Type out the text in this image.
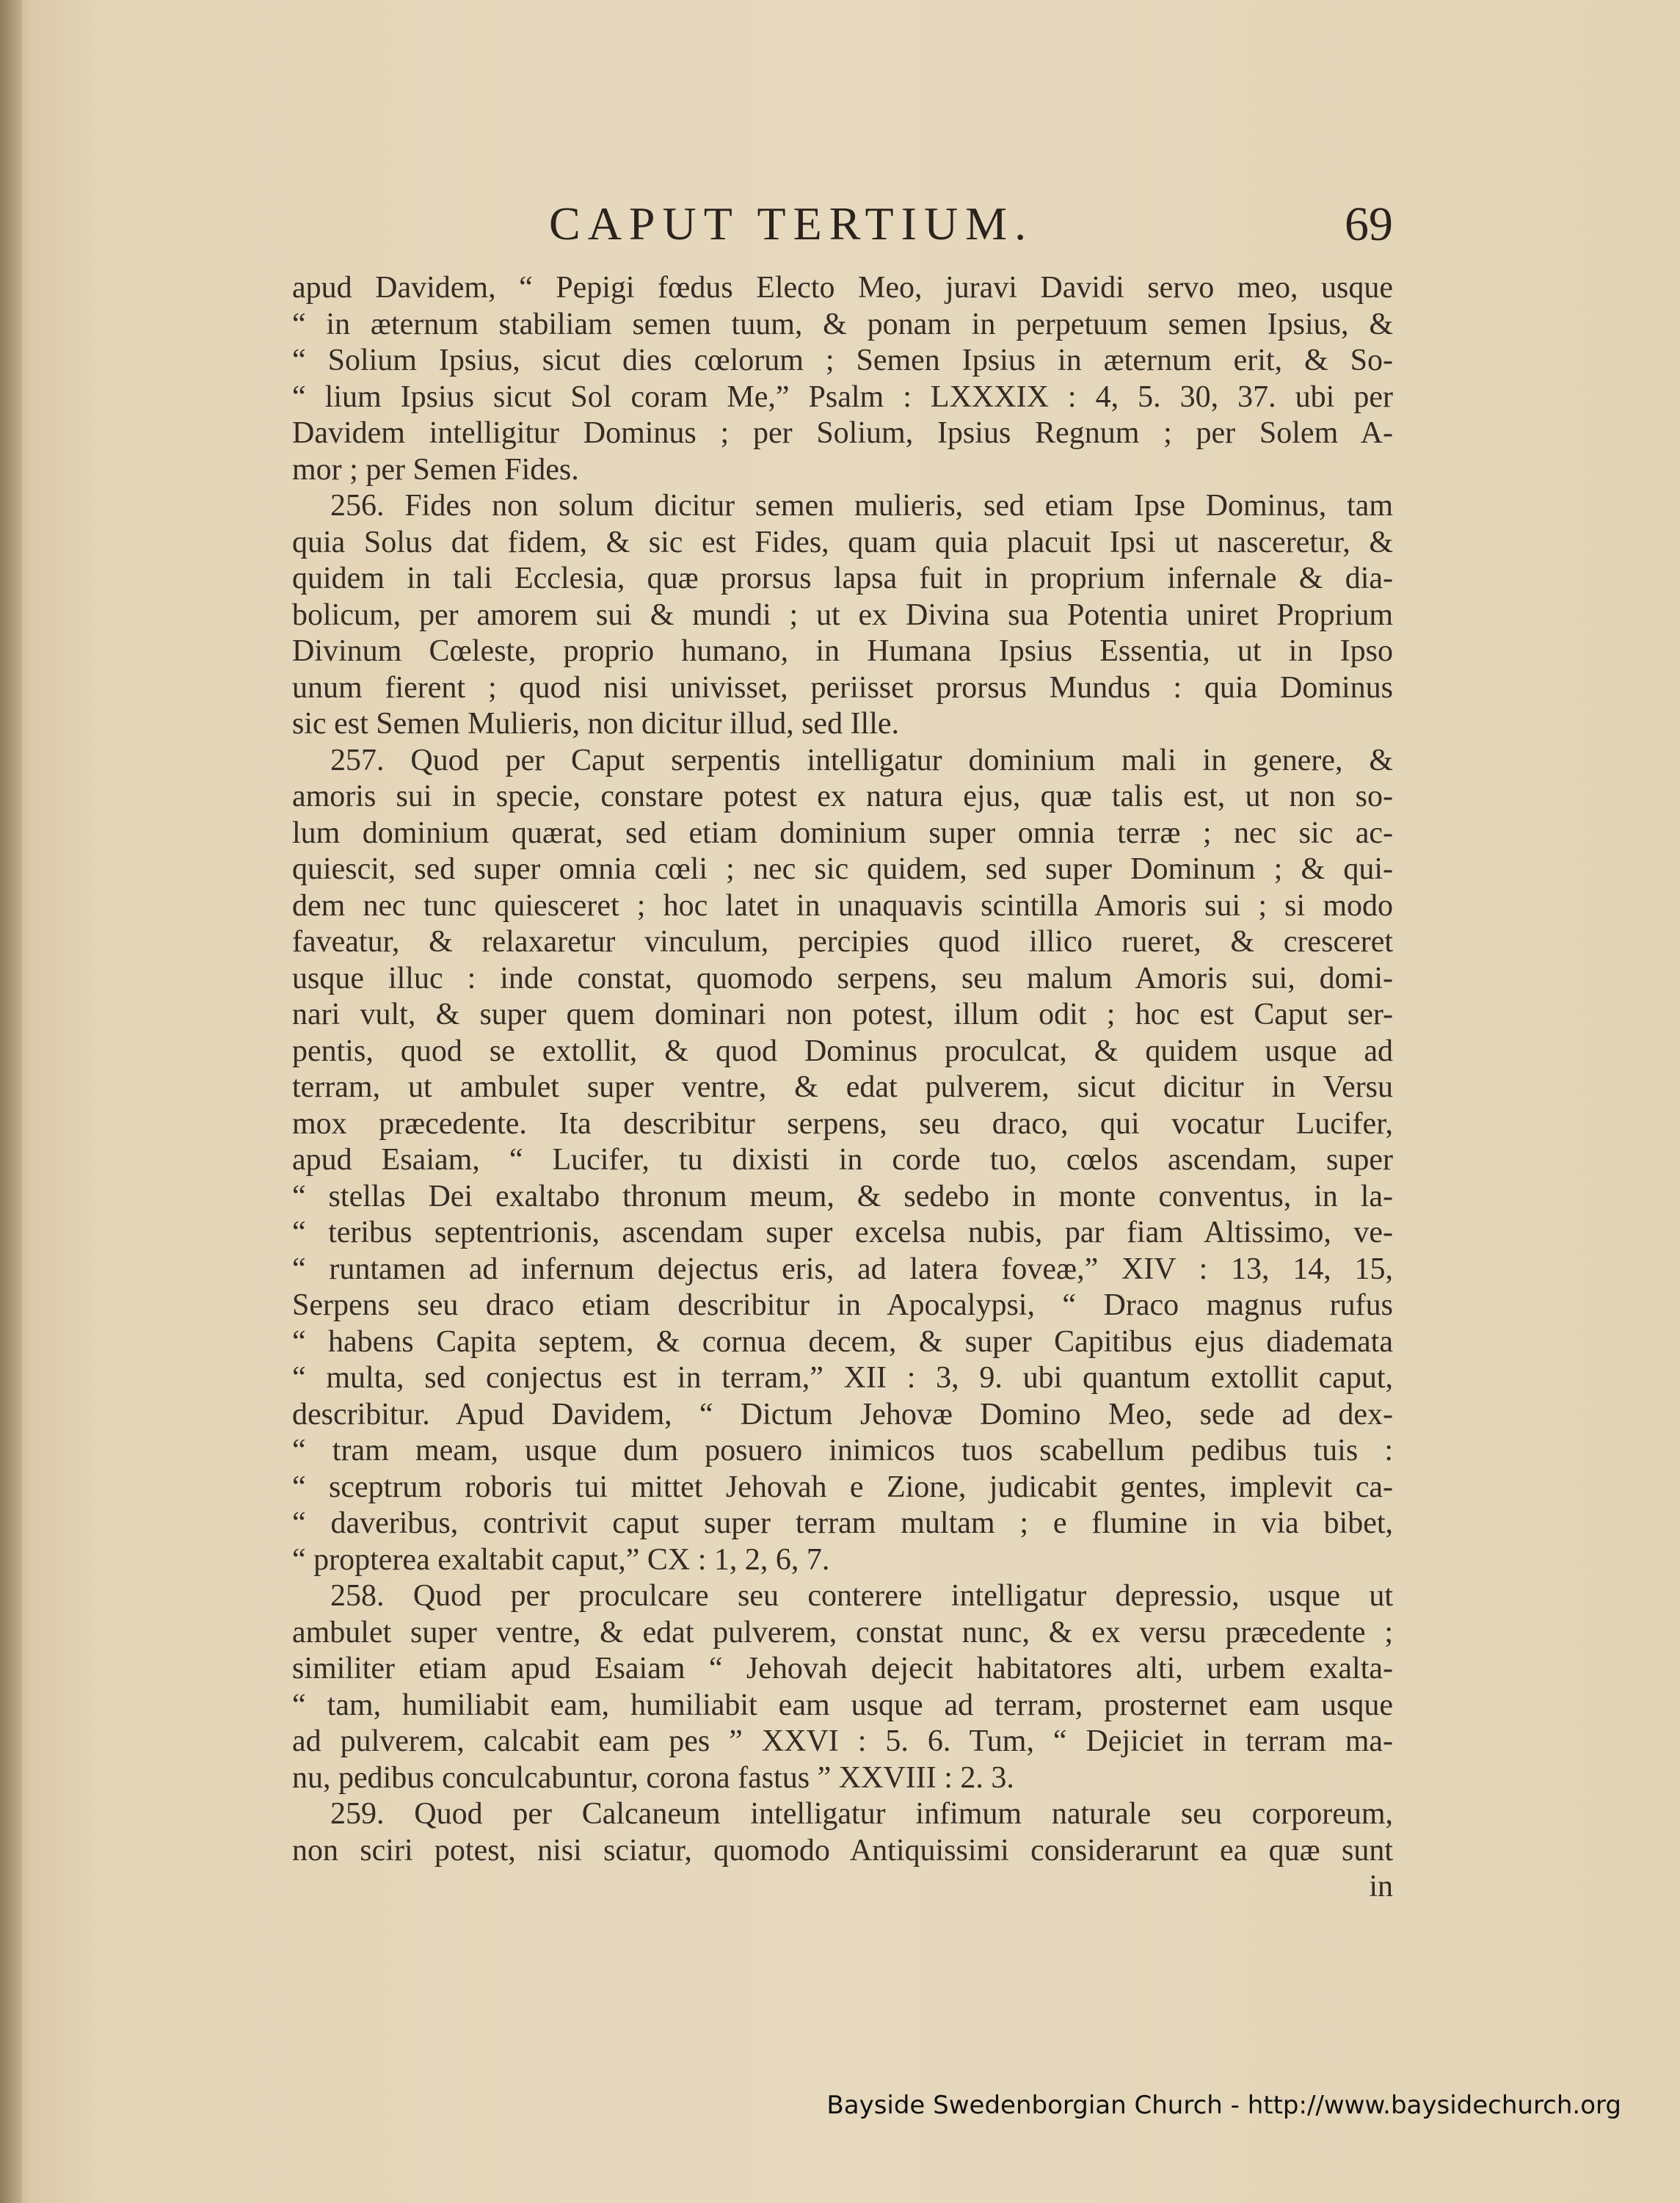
CAPUT TERTIUM.	69
apud Davidem, “ Pepigi fœdus Electo Meo, juravi Davidi servo meo, usque
“ in æternum stabiliam semen tuum, & ponam in perpetuum semen Ipsius, &
“ Solium Ipsius, sicut dies cœlorum ; Semen Ipsius in æternum erit, & So-
“ lium Ipsius sicut Sol coram Me,” Psalm : LXXXIX : 4, 5. 30, 37. ubi per
Davidem intelligitur Dominus ; per Solium, Ipsius Regnum ; per Solem A-
mor ; per Semen Fides.
256. Fides non solum dicitur semen mulieris, sed etiam Ipse Dominus, tam
quia Solus dat fidem, & sic est Fides, quam quia placuit Ipsi ut nasceretur, &
quidem in tali Ecclesia, quæ prorsus lapsa fuit in proprium infernale & dia-
bolicum, per amorem sui & mundi ; ut ex Divina sua Potentia uniret Proprium
Divinum Cœleste, proprio humano, in Humana Ipsius Essentia, ut in Ipso
unum fierent ; quod nisi univisset, periisset prorsus Mundus : quia Dominus
sic est Semen Mulieris, non dicitur illud, sed Ille.
257. Quod per Caput serpentis intelligatur dominium mali in genere, &
amoris sui in specie, constare potest ex natura ejus, quæ talis est, ut non so-
lum dominium quærat, sed etiam dominium super omnia terræ ; nec sic ac-
quiescit, sed super omnia cœli ; nec sic quidem, sed super Dominum ; & qui-
dem nec tunc quiesceret ; hoc latet in unaquavis scintilla Amoris sui ; si modo
faveatur, & relaxaretur vinculum, percipies quod illico rueret, & cresceret
usque illuc : inde constat, quomodo serpens, seu malum Amoris sui, domi-
nari vult, & super quem dominari non potest, illum odit ; hoc est Caput ser-
pentis, quod se extollit, & quod Dominus proculcat, & quidem usque ad
terram, ut ambulet super ventre, & edat pulverem, sicut dicitur in Versu
mox præcedente. Ita describitur serpens, seu draco, qui vocatur Lucifer,
apud Esaiam, “ Lucifer, tu dixisti in corde tuo, cœlos ascendam, super
“ stellas Dei exaltabo thronum meum, & sedebo in monte conventus, in la-
“ teribus septentrionis, ascendam super excelsa nubis, par fiam Altissimo, ve-
“ runtamen ad infernum dejectus eris, ad latera foveæ,” XIV : 13, 14, 15,
Serpens seu draco etiam describitur in Apocalypsi, “ Draco magnus rufus
“ habens Capita septem, & cornua decem, & super Capitibus ejus diademata
“ multa, sed conjectus est in terram,” XII : 3, 9. ubi quantum extollit caput,
describitur. Apud Davidem, “ Dictum Jehovæ Domino Meo, sede ad dex-
“ tram meam, usque dum posuero inimicos tuos scabellum pedibus tuis :
“ sceptrum roboris tui mittet Jehovah e Zione, judicabit gentes, implevit ca-
“ daveribus, contrivit caput super terram multam ; e flumine in via bibet,
“ propterea exaltabit caput,” CX : 1, 2, 6, 7.
258. Quod per proculcare seu conterere intelligatur depressio, usque ut
ambulet super ventre, & edat pulverem, constat nunc, & ex versu præcedente ;
similiter etiam apud Esaiam “ Jehovah dejecit habitatores alti, urbem exalta-
“ tam, humiliabit eam, humiliabit eam usque ad terram, prosternet eam usque
ad pulverem, calcabit eam pes ” XXVI : 5. 6. Tum, “ Dejiciet in terram ma-
nu, pedibus conculcabuntur, corona fastus ” XXVIII : 2. 3.
259. Quod per Calcaneum intelligatur infimum naturale seu corporeum,
non sciri potest, nisi sciatur, quomodo Antiquissimi considerarunt ea quæ sunt
in
Bayside Swedenborgian Church - http://www.baysidechurch.org
